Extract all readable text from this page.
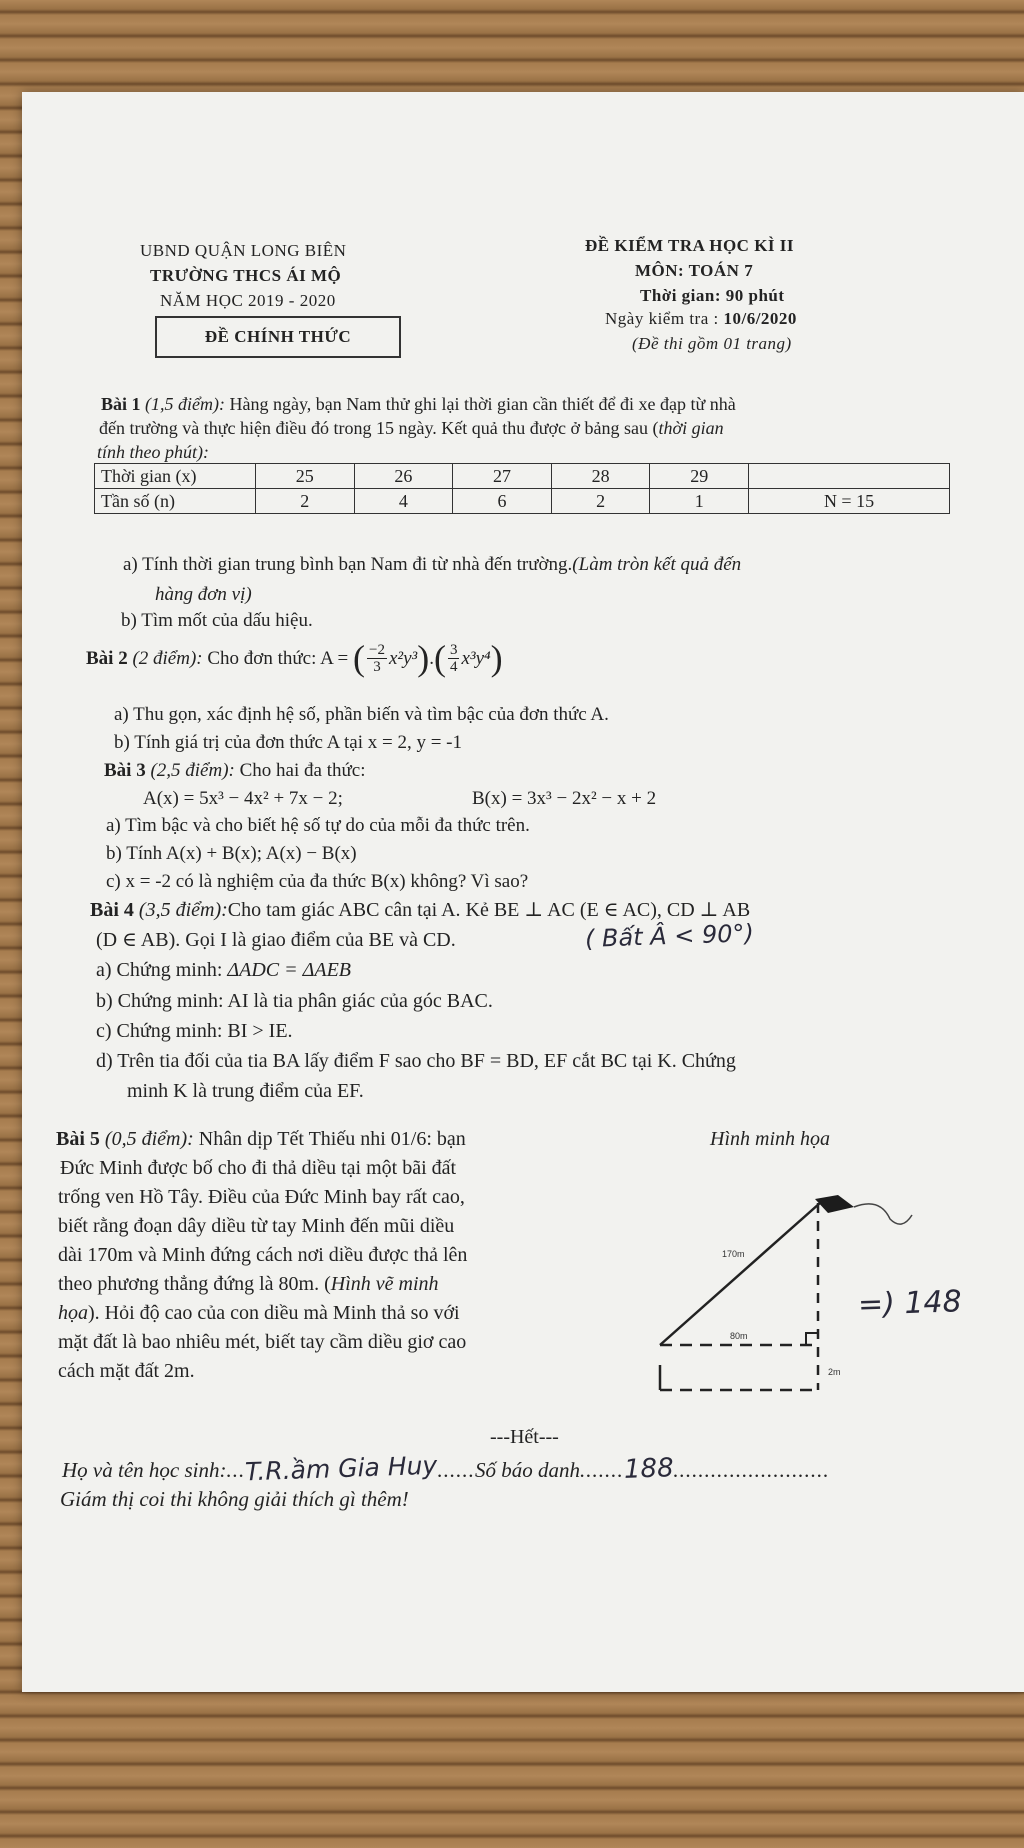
UBND QUẬN LONG BIÊN
TRƯỜNG THCS ÁI MỘ
NĂM HỌC 2019 - 2020
ĐỀ CHÍNH THỨC
ĐỀ KIỂM TRA HỌC KÌ II
MÔN: TOÁN 7
Thời gian: 90 phút
Ngày kiểm tra : 10/6/2020
(Đề thi gồm 01 trang)
Bài 1 (1,5 điểm): Hàng ngày, bạn Nam thử ghi lại thời gian cần thiết để đi xe đạp từ nhà
đến trường và thực hiện điều đó trong 15 ngày. Kết quả thu được ở bảng sau (thời gian
tính theo phút):
Thời gian (x)	25	26	27	28	29	
Tần số (n)	2	4	6	2	1	N = 15
a) Tính thời gian trung bình bạn Nam đi từ nhà đến trường.(Làm tròn kết quả đến
hàng đơn vị)
b) Tìm mốt của dấu hiệu.
Bài 2
(2 điểm): Cho đơn thức: A = ( $\frac{-2}{3} x^2y^3$ ) . ( $\frac{3}{4} x^3y^4$ )
a) Thu gọn, xác định hệ số, phần biến và tìm bậc của đơn thức A.
b) Tính giá trị của đơn thức A tại x = 2, y = -1
Bài 3 (2,5 điểm): Cho hai đa thức:
A(x) = 5x³ − 4x² + 7x − 2;	B(x) = 3x³ − 2x² − x + 2
a) Tìm bậc và cho biết hệ số tự do của mỗi đa thức trên.
b) Tính A(x) + B(x); A(x) − B(x)
c) x = -2 có là nghiệm của đa thức B(x) không? Vì sao?
Bài 4 (3,5 điểm):Cho tam giác ABC cân tại A. Kẻ BE ⊥ AC (E ∈ AC), CD ⊥ AB
(D ∈ AB). Gọi I là giao điểm của BE và CD.	( Bất Â < 90°)
a) Chứng minh: ΔADC = ΔAEB
b) Chứng minh: AI là tia phân giác của góc BAC.
c) Chứng minh: BI > IE.
d) Trên tia đối của tia BA lấy điểm F sao cho BF = BD, EF cắt BC tại K. Chứng
minh K là trung điểm của EF.
Bài 5 (0,5 điểm): Nhân dịp Tết Thiếu nhi 01/6: bạn
Đức Minh được bố cho đi thả diều tại một bãi đất
trống ven Hồ Tây. Điều của Đức Minh bay rất cao,
biết rằng đoạn dây diều từ tay Minh đến mũi diều
dài 170m và Minh đứng cách nơi diều được thả lên
theo phương thẳng đứng là 80m. (Hình vẽ minh
họa). Hỏi độ cao của con diều mà Minh thả so với
mặt đất là bao nhiêu mét, biết tay cầm diều giơ cao
cách mặt đất 2m.
Hình minh họa
170m
80m
2m
=) 148
---Hết---
Họ và tên học sinh:...T.R.ầm Gia Huy......Số báo danh.......188.........................
Giám thị coi thi không giải thích gì thêm!
